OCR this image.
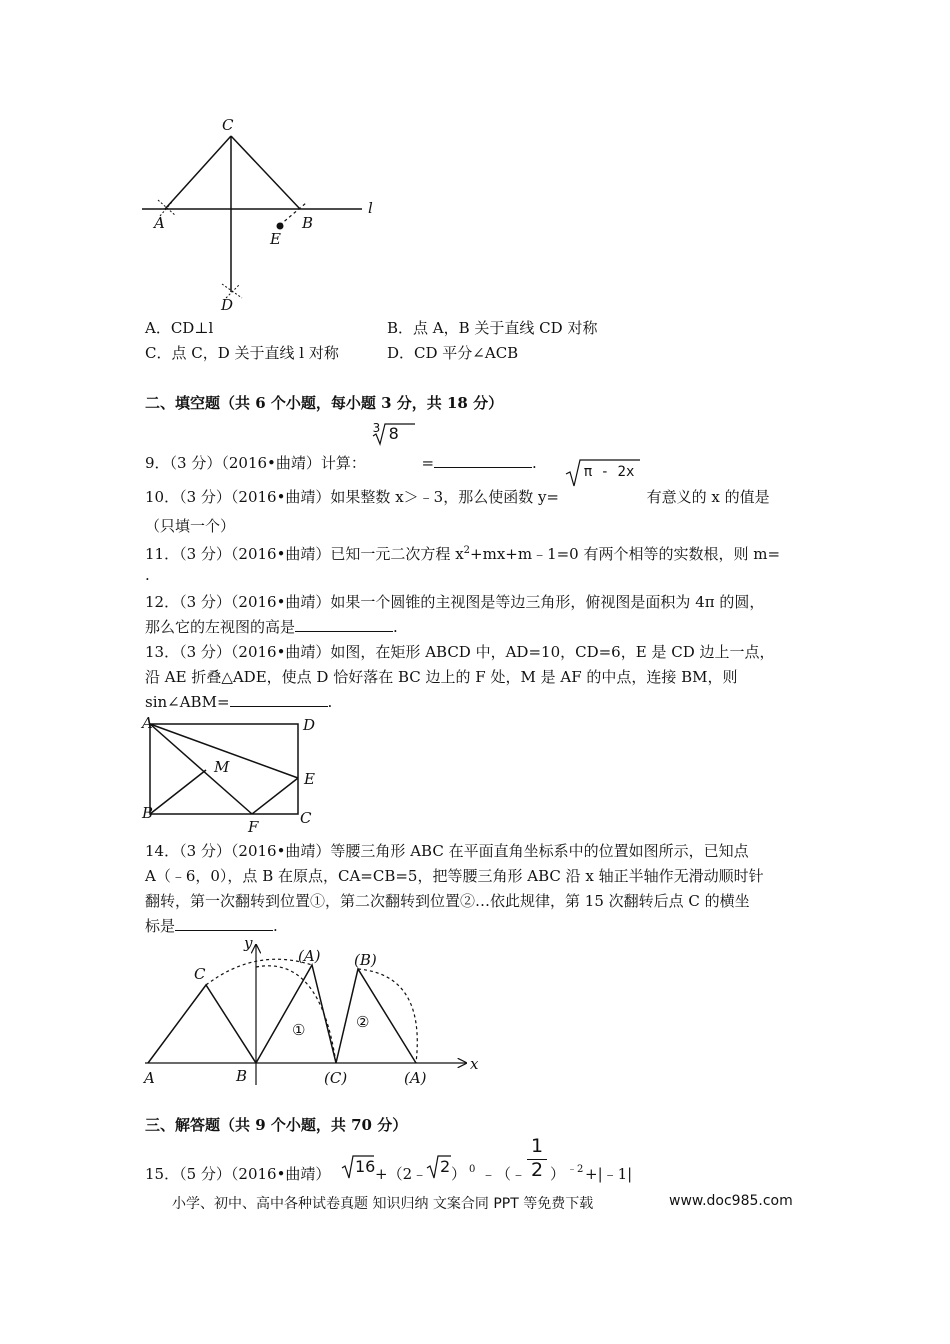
C
A	B
E
D
l
A．CD⊥l	B．点 A，B 关于直线 CD 对称
C．点 C，D 关于直线 l 对称	D．CD 平分∠ACB
二、填空题（共 6 个小题，每小题 3 分，共 18 分）
9．（3 分）（2016•曲靖）计算：
3 8
=	.
10．（3 分）（2016•曲靖）如果整数 x＞﹣3，那么使函数 y=
π - 2x
有意义的 x 的值是
（只填一个）
11．（3 分）（2016•曲靖）已知一元二次方程 $x^2+mx+m﹣1=0$ 有两个相等的实数根，则 m=
.
12．（3 分）（2016•曲靖）如果一个圆锥的主视图是等边三角形，俯视图是面积为 4π 的圆，
那么它的左视图的高是	.
13．（3 分）（2016•曲靖）如图，在矩形 ABCD 中，AD=10，CD=6，E 是 CD 边上一点，
沿 AE 折叠△ADE，使点 D 恰好落在 BC 边上的 F 处，M 是 AF 的中点，连接 BM，则
sin∠ABM=	.
A	D
M
E
B
F	C
14．（3 分）（2016•曲靖）等腰三角形 ABC 在平面直角坐标系中的位置如图所示，已知点
A（﹣6，0），点 B 在原点，CA=CB=5，把等腰三角形 ABC 沿 x 轴正半轴作无滑动顺时针
翻转，第一次翻转到位置①，第二次翻转到位置②…依此规律，第 15 次翻转后点 C 的横坐
标是	.
y
x
C
A	B
(A) (B)
(C)	(A)
①	②
三、解答题（共 9 个小题，共 70 分）
15．（5 分）（2016•曲靖） 16 +（2﹣ 2 ） 0 ﹣（﹣
1
2 ） ﹣2 +|﹣1|
小学、初中、高中各种试卷真题 知识归纳 文案合同 PPT 等免费下载	www.doc985.com
